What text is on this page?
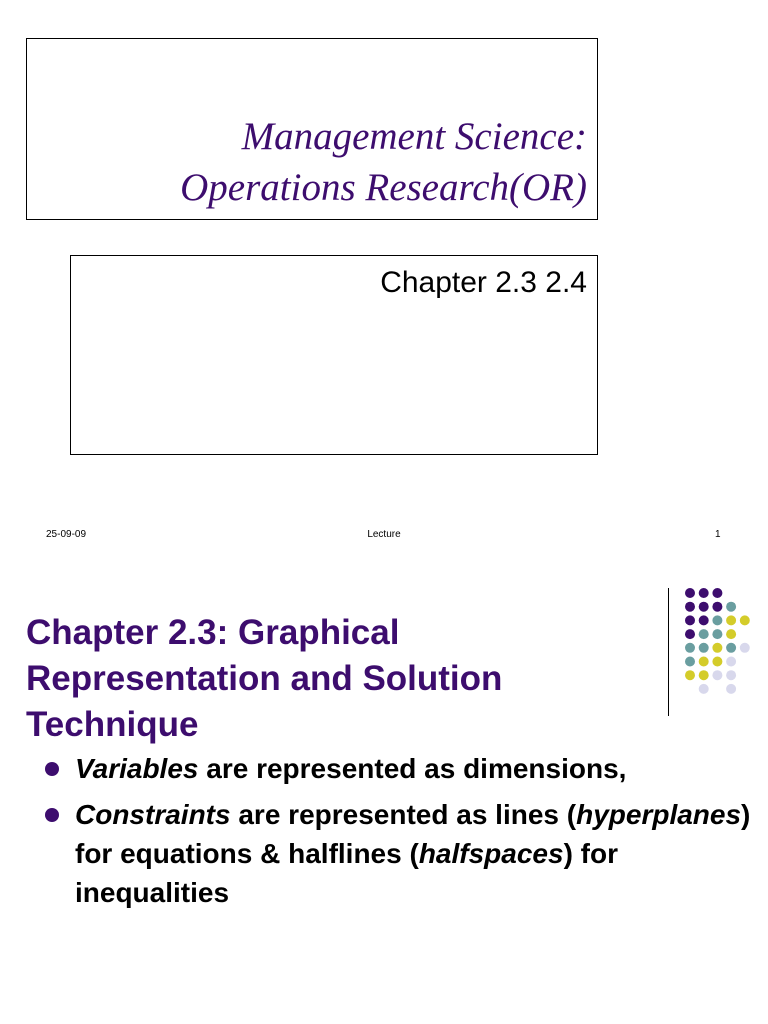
Management Science:
Operations Research(OR)
Chapter 2.3 2.4
25-09-09	Lecture	1
Chapter 2.3: Graphical Representation and Solution Technique
Variables are represented as dimensions,
Constraints are represented as lines (hyperplanes) for equations & halflines (halfspaces) for inequalities
